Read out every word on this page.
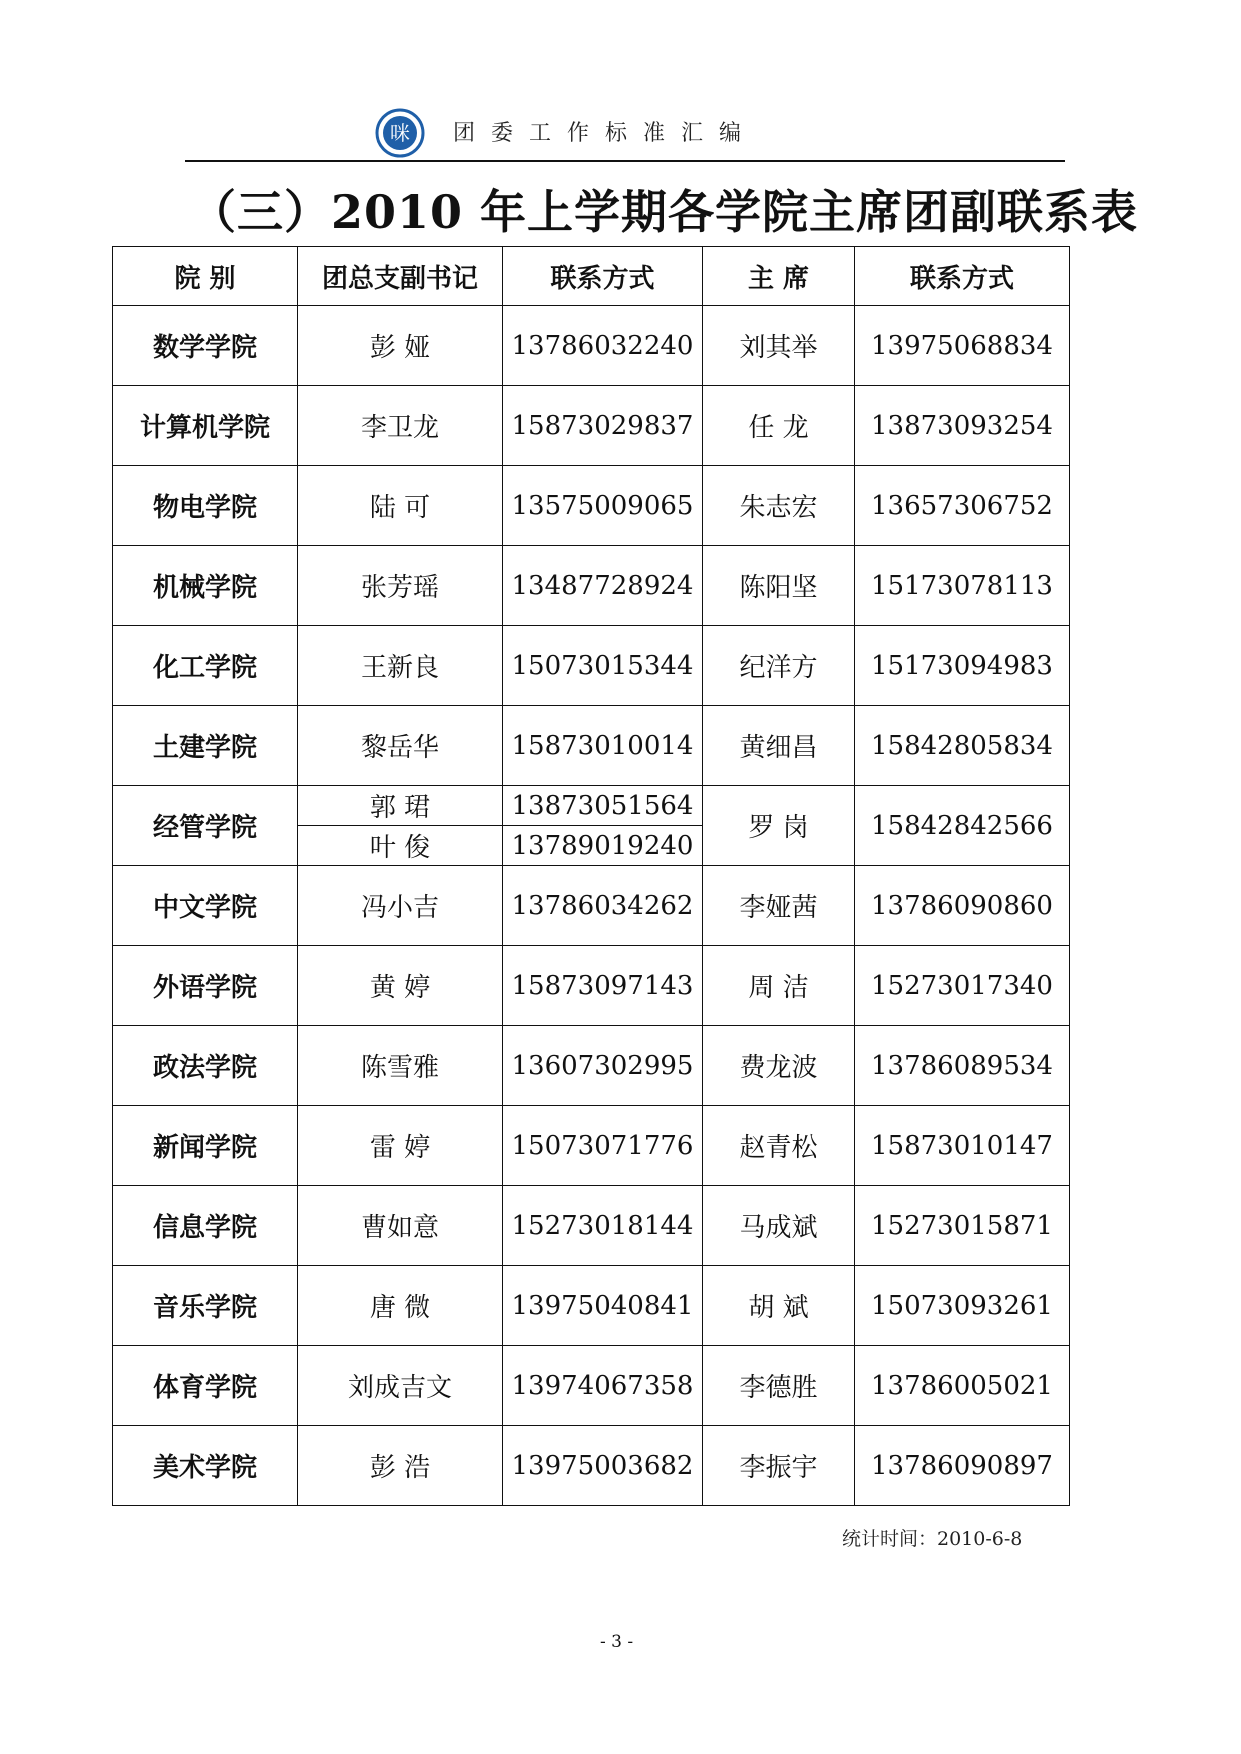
咪 团委工作标准汇编
（三）2010 年上学期各学院主席团副联系表
院 别	团总支副书记	联系方式	主 席	联系方式
数学学院	彭 娅	13786032240	刘其举	13975068834
计算机学院	李卫龙	15873029837	任 龙	13873093254
物电学院	陆 可	13575009065	朱志宏	13657306752
机械学院	张芳瑶	13487728924	陈阳坚	15173078113
化工学院	王新良	15073015344	纪洋方	15173094983
土建学院	黎岳华	15873010014	黄细昌	15842805834
经管学院	郭 珺	13873051564	罗 岗	15842842566
	叶 俊	13789019240		
中文学院	冯小吉	13786034262	李娅茜	13786090860
外语学院	黄 婷	15873097143	周 洁	15273017340
政法学院	陈雪雅	13607302995	费龙波	13786089534
新闻学院	雷 婷	15073071776	赵青松	15873010147
信息学院	曹如意	15273018144	马成斌	15273015871
音乐学院	唐 微	13975040841	胡 斌	15073093261
体育学院	刘成吉文	13974067358	李德胜	13786005021
美术学院	彭 浩	13975003682	李振宇	13786090897
统计时间：2010-6-8
- 3 -
